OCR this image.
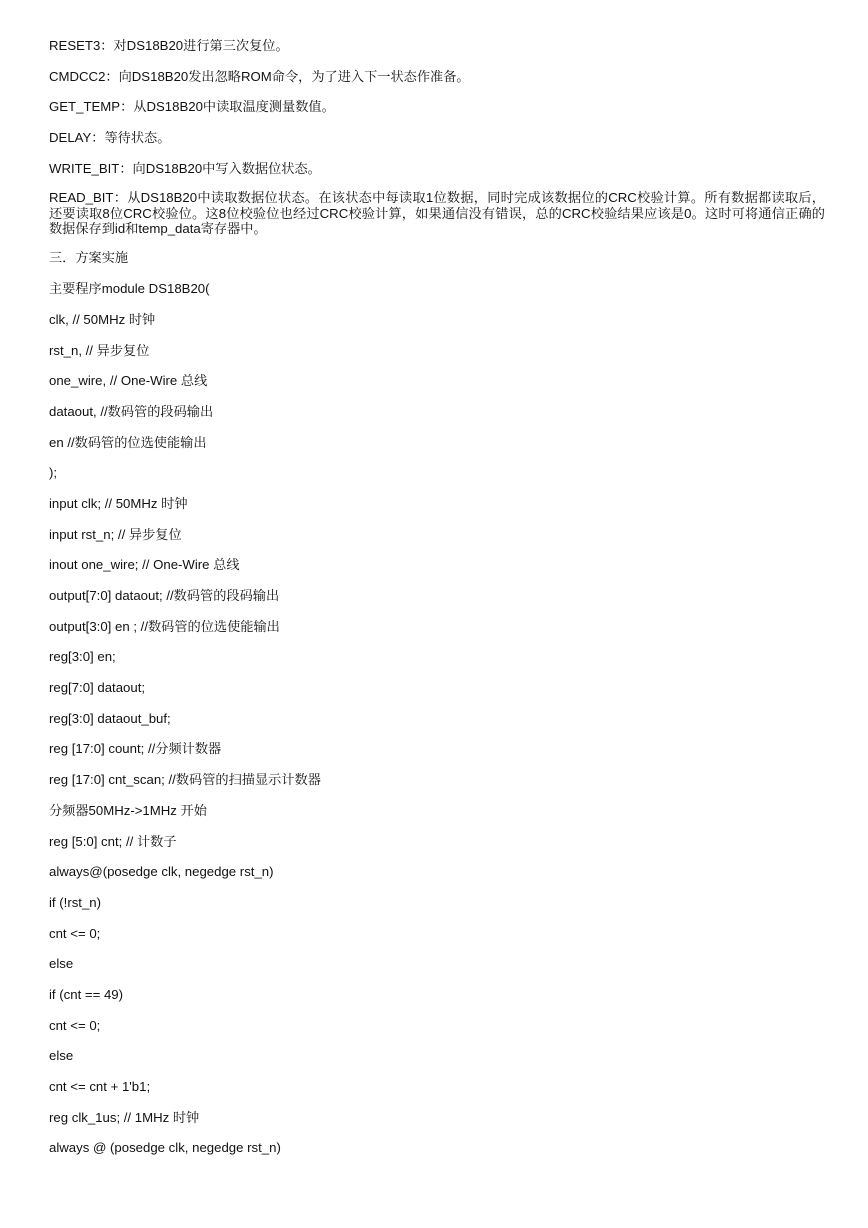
RESET3：对DS18B20进行第三次复位。

CMDCC2：向DS18B20发出忽略ROM命令，为了进入下一状态作准备。

GET_TEMP：从DS18B20中读取温度测量数值。

DELAY：等待状态。

WRITE_BIT：向DS18B20中写入数据位状态。

READ_BIT：从DS18B20中读取数据位状态。在该状态中每读取1位数据，同时完成该数据位的CRC校验计算。所有数据都读取后，还要读取8位CRC校验位。这8位校验位也经过CRC校验计算，如果通信没有错误，总的CRC校验结果应该是0。这时可将通信正确的数据保存到id和temp_data寄存器中。

三．方案实施

主要程序module DS18B20(

clk, // 50MHz 时钟

rst_n, // 异步复位

one_wire, // One-Wire 总线

dataout, //数码管的段码输出

en //数码管的位选使能输出

);

input clk; // 50MHz 时钟

input rst_n; // 异步复位

inout one_wire; // One-Wire 总线

output[7:0] dataout; //数码管的段码输出

output[3:0] en ; //数码管的位选使能输出

reg[3:0] en;

reg[7:0] dataout;

reg[3:0] dataout_buf;

reg [17:0] count; //分频计数器

reg [17:0] cnt_scan; //数码管的扫描显示计数器

分频器50MHz->1MHz 开始

reg [5:0] cnt; // 计数子

always@(posedge clk, negedge rst_n)

if (!rst_n)

cnt <= 0;

else

if (cnt == 49)

cnt <= 0;

else

cnt <= cnt + 1'b1;

reg clk_1us; // 1MHz 时钟

always @ (posedge clk, negedge rst_n)
